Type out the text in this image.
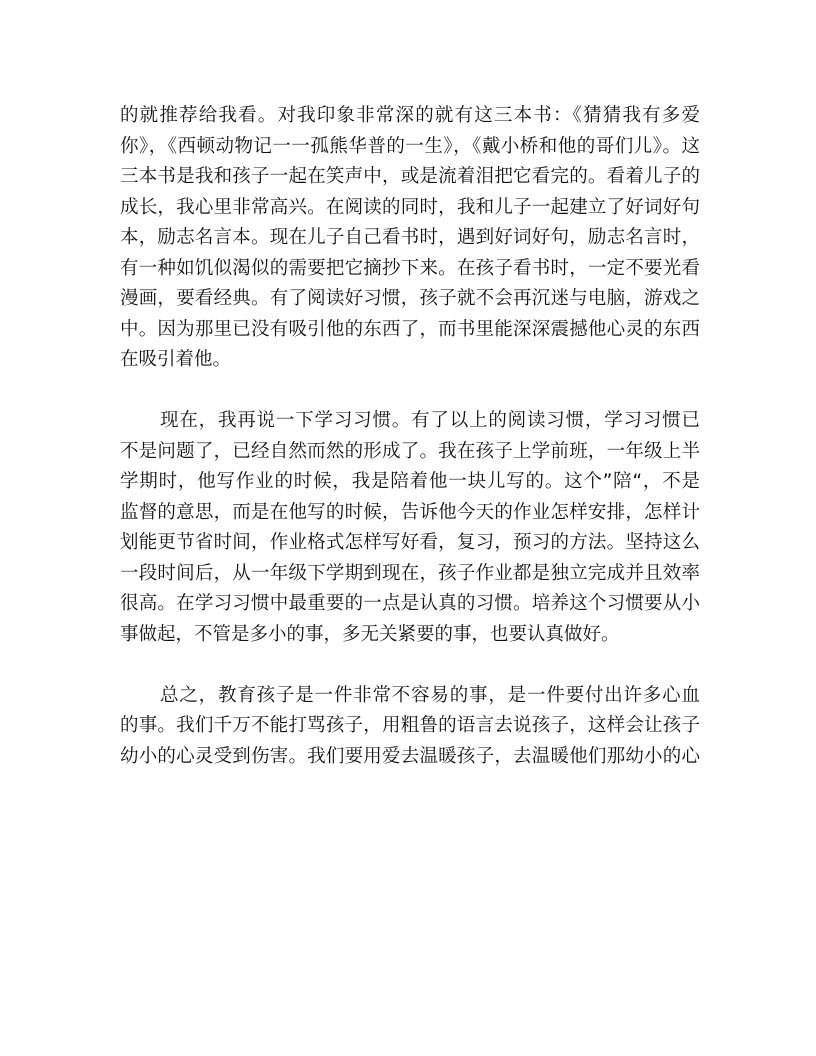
的就推荐给我看。对我印象非常深的就有这三本书：《猜猜我有多爱
你》，《西顿动物记一一孤熊华普的一生》，《戴小桥和他的哥们儿》。这
三本书是我和孩子一起在笑声中，或是流着泪把它看完的。看着儿子的
成长，我心里非常高兴。在阅读的同时，我和儿子一起建立了好词好句
本，励志名言本。现在儿子自己看书时，遇到好词好句，励志名言时，
有一种如饥似渴似的需要把它摘抄下来。在孩子看书时，一定不要光看
漫画，要看经典。有了阅读好习惯，孩子就不会再沉迷与电脑，游戏之
中。因为那里已没有吸引他的东西了，而书里能深深震撼他心灵的东西
在吸引着他。
现在，我再说一下学习习惯。有了以上的阅读习惯，学习习惯已
不是问题了，已经自然而然的形成了。我在孩子上学前班，一年级上半
学期时，他写作业的时候，我是陪着他一块儿写的。这个”陪“，不是
监督的意思，而是在他写的时候，告诉他今天的作业怎样安排，怎样计
划能更节省时间，作业格式怎样写好看，复习，预习的方法。坚持这么
一段时间后，从一年级下学期到现在，孩子作业都是独立完成并且效率
很高。在学习习惯中最重要的一点是认真的习惯。培养这个习惯要从小
事做起，不管是多小的事，多无关紧要的事，也要认真做好。
总之，教育孩子是一件非常不容易的事，是一件要付出许多心血
的事。我们千万不能打骂孩子，用粗鲁的语言去说孩子，这样会让孩子
幼小的心灵受到伤害。我们要用爱去温暖孩子，去温暖他们那幼小的心
